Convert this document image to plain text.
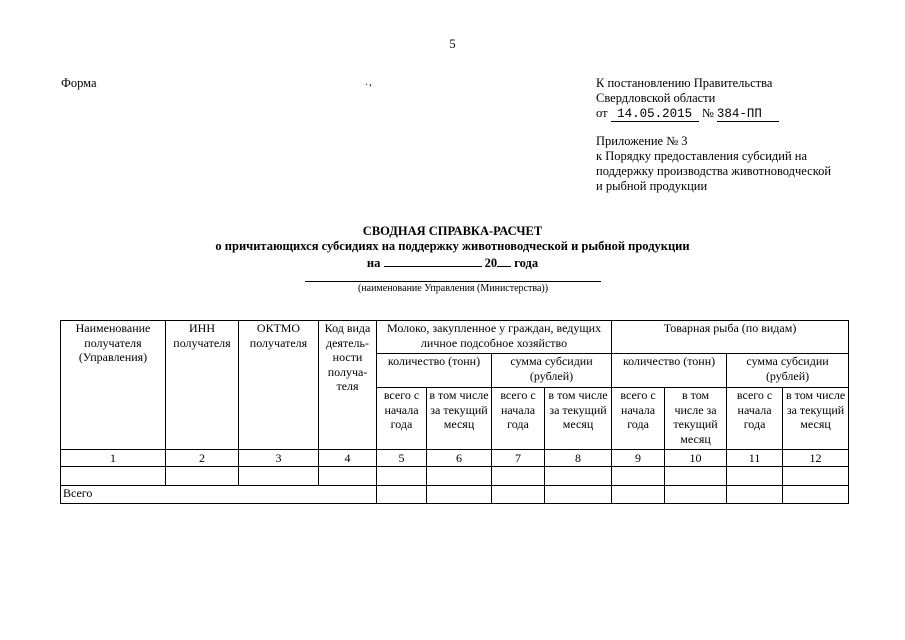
5
Форма	.,	К постановлению Правительства
Свердловской области
от 14.05.2015 № 384-ПП
Приложение № 3
к Порядку предоставления субсидий на
поддержку производства животноводческой
и рыбной продукции
СВОДНАЯ СПРАВКА-РАСЧЕТ
о причитающихся субсидиях на поддержку животноводческой и рыбной продукции
на	20 года
(наименование Управления (Министерства))
Наименование получателя (Управления)	ИНН получателя	ОКТМО получателя	Код вида деятель-ности получа-теля	Молоко, закупленное у граждан, ведущих личное подсобное хозяйство				Товарная рыба (по видам)			
				количество (тонн)		сумма субсидии (рублей)		количество (тонн)		сумма субсидии (рублей)	
				всего с начала года	в том числе за текущий месяц	всего с начала года	в том числе за текущий месяц	всего с начала года	в том числе за текущий месяц	всего с начала года	в том числе за текущий месяц
1	2	3	4	5	6	7	8	9	10	11	12

Всего											
